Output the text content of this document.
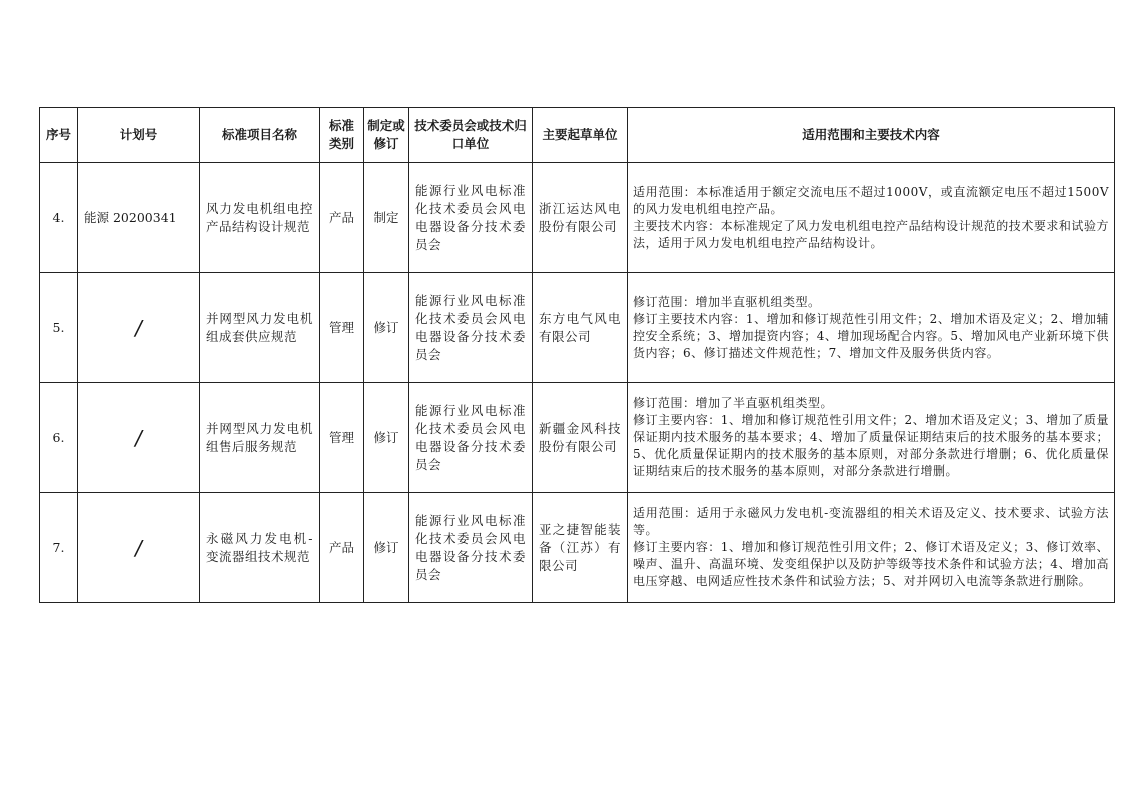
序号	计划号	标准项目名称	标准类别	制定或修订	技术委员会或技术归口单位	主要起草单位	适用范围和主要技术内容
4.	能源 20200341	风力发电机组电控产品结构设计规范	产品	制定	能源行业风电标准化技术委员会风电电器设备分技术委员会	浙江运达风电股份有限公司	适用范围：本标准适用于额定交流电压不超过1000V，或直流额定电压不超过1500V的风力发电机组电控产品。
主要技术内容：本标准规定了风力发电机组电控产品结构设计规范的技术要求和试验方法，适用于风力发电机组电控产品结构设计。

5.	/	并网型风力发电机组成套供应规范	管理	修订	能源行业风电标准化技术委员会风电电器设备分技术委员会	东方电气风电有限公司	修订范围：增加半直驱机组类型。
修订主要技术内容：1、增加和修订规范性引用文件；2、增加术语及定义；2、增加辅控安全系统；3、增加提资内容；4、增加现场配合内容。5、增加风电产业新环境下供货内容；6、修订描述文件规范性；7、增加文件及服务供货内容。

6.	/	并网型风力发电机组售后服务规范	管理	修订	能源行业风电标准化技术委员会风电电器设备分技术委员会	新疆金风科技股份有限公司	修订范围：增加了半直驱机组类型。
修订主要内容：1、增加和修订规范性引用文件；2、增加术语及定义；3、增加了质量保证期内技术服务的基本要求；4、增加了质量保证期结束后的技术服务的基本要求；5、优化质量保证期内的技术服务的基本原则，对部分条款进行增删；6、优化质量保证期结束后的技术服务的基本原则，对部分条款进行增删。

7.	/	永磁风力发电机-变流器组技术规范	产品	修订	能源行业风电标准化技术委员会风电电器设备分技术委员会	亚之捷智能装备（江苏）有限公司	适用范围：适用于永磁风力发电机-变流器组的相关术语及定义、技术要求、试验方法等。
修订主要内容：1、增加和修订规范性引用文件；2、修订术语及定义；3、修订效率、噪声、温升、高温环境、发变组保护以及防护等级等技术条件和试验方法；4、增加高电压穿越、电网适应性技术条件和试验方法；5、对并网切入电流等条款进行删除。
